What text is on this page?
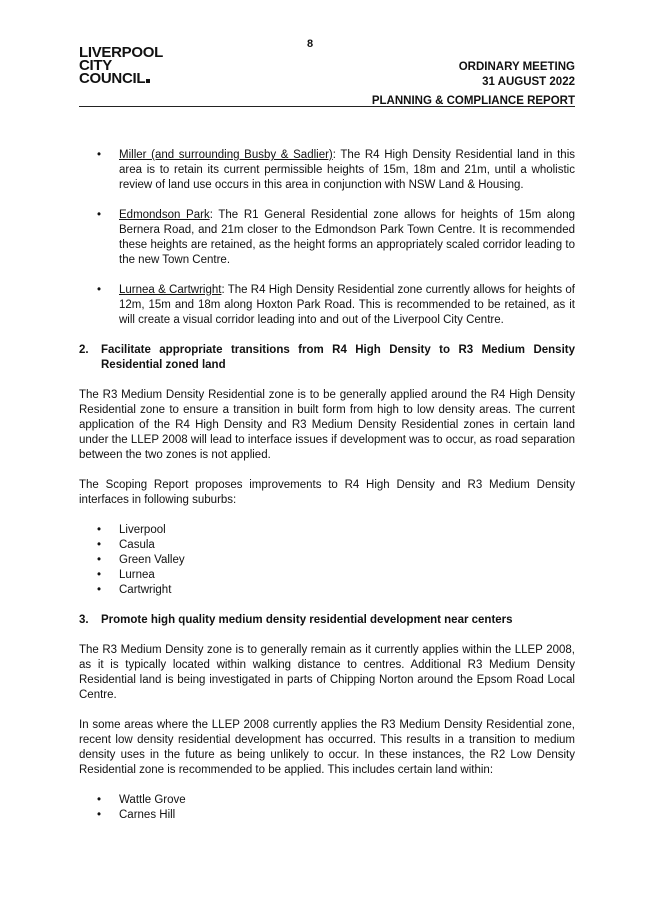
8
LIVERPOOL
CITY
COUNCIL
ORDINARY MEETING
31 AUGUST 2022
PLANNING & COMPLIANCE REPORT
• Miller (and surrounding Busby & Sadlier): The R4 High Density Residential land in this area is to retain its current permissible heights of 15m, 18m and 21m, until a wholistic review of land use occurs in this area in conjunction with NSW Land & Housing.
• Edmondson Park: The R1 General Residential zone allows for heights of 15m along Bernera Road, and 21m closer to the Edmondson Park Town Centre. It is recommended these heights are retained, as the height forms an appropriately scaled corridor leading to the new Town Centre.
• Lurnea & Cartwright: The R4 High Density Residential zone currently allows for heights of 12m, 15m and 18m along Hoxton Park Road. This is recommended to be retained, as it will create a visual corridor leading into and out of the Liverpool City Centre.
2.	Facilitate appropriate transitions from R4 High Density to R3 Medium Density Residential zoned land

The R3 Medium Density Residential zone is to be generally applied around the R4 High Density Residential zone to ensure a transition in built form from high to low density areas. The current application of the R4 High Density and R3 Medium Density Residential zones in certain land under the LLEP 2008 will lead to interface issues if development was to occur, as road separation between the two zones is not applied.

The Scoping Report proposes improvements to R4 High Density and R3 Medium Density interfaces in following suburbs:

• Liverpool
• Casula
• Green Valley
• Lurnea
• Cartwright
3.	Promote high quality medium density residential development near centers

The R3 Medium Density zone is to generally remain as it currently applies within the LLEP 2008, as it is typically located within walking distance to centres. Additional R3 Medium Density Residential land is being investigated in parts of Chipping Norton around the Epsom Road Local Centre.

In some areas where the LLEP 2008 currently applies the R3 Medium Density Residential zone, recent low density residential development has occurred. This results in a transition to medium density uses in the future as being unlikely to occur. In these instances, the R2 Low Density Residential zone is recommended to be applied. This includes certain land within:

• Wattle Grove
• Carnes Hill
